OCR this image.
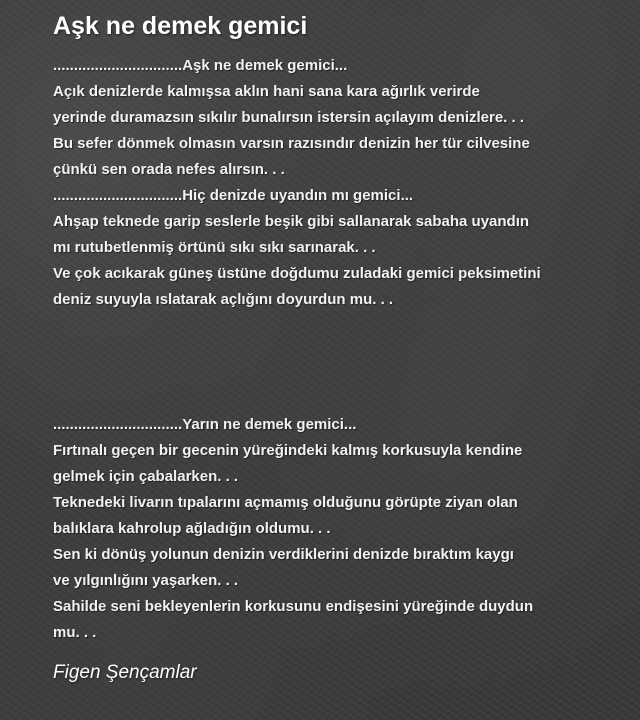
Aşk ne demek gemici
...............................Aşk ne demek gemici...
Açık denizlerde kalmışsa aklın hani sana kara ağırlık verirde
yerinde duramazsın sıkılır bunalırsın istersin açılayım denizlere. . .
Bu sefer dönmek olmasın varsın razısındır denizin her tür cilvesine
çünkü sen orada nefes alırsın. . .
...............................Hiç denizde uyandın mı gemici...
Ahşap teknede garip seslerle beşik gibi sallanarak sabaha uyandın
mı rutubetlenmiş örtünü sıkı sıkı sarınarak. . .
Ve çok acıkarak güneş üstüne doğdumu zuladaki gemici peksimetini
deniz suyuyla ıslatarak açlığını doyurdun mu. . .
...............................Yarın ne demek gemici...
Fırtınalı geçen bir gecenin yüreğindeki kalmış korkusuyla kendine
gelmek için çabalarken. . .
Teknedeki livarın tıpalarını açmamış olduğunu görüpte ziyan olan
balıklara kahrolup ağladığın oldumu. . .
Sen ki dönüş yolunun denizin verdiklerini denizde bıraktım kaygı
ve yılgınlığını yaşarken. . .
Sahilde seni bekleyenlerin korkusunu endişesini yüreğinde duydun
mu. . .

Figen Şençamlar
